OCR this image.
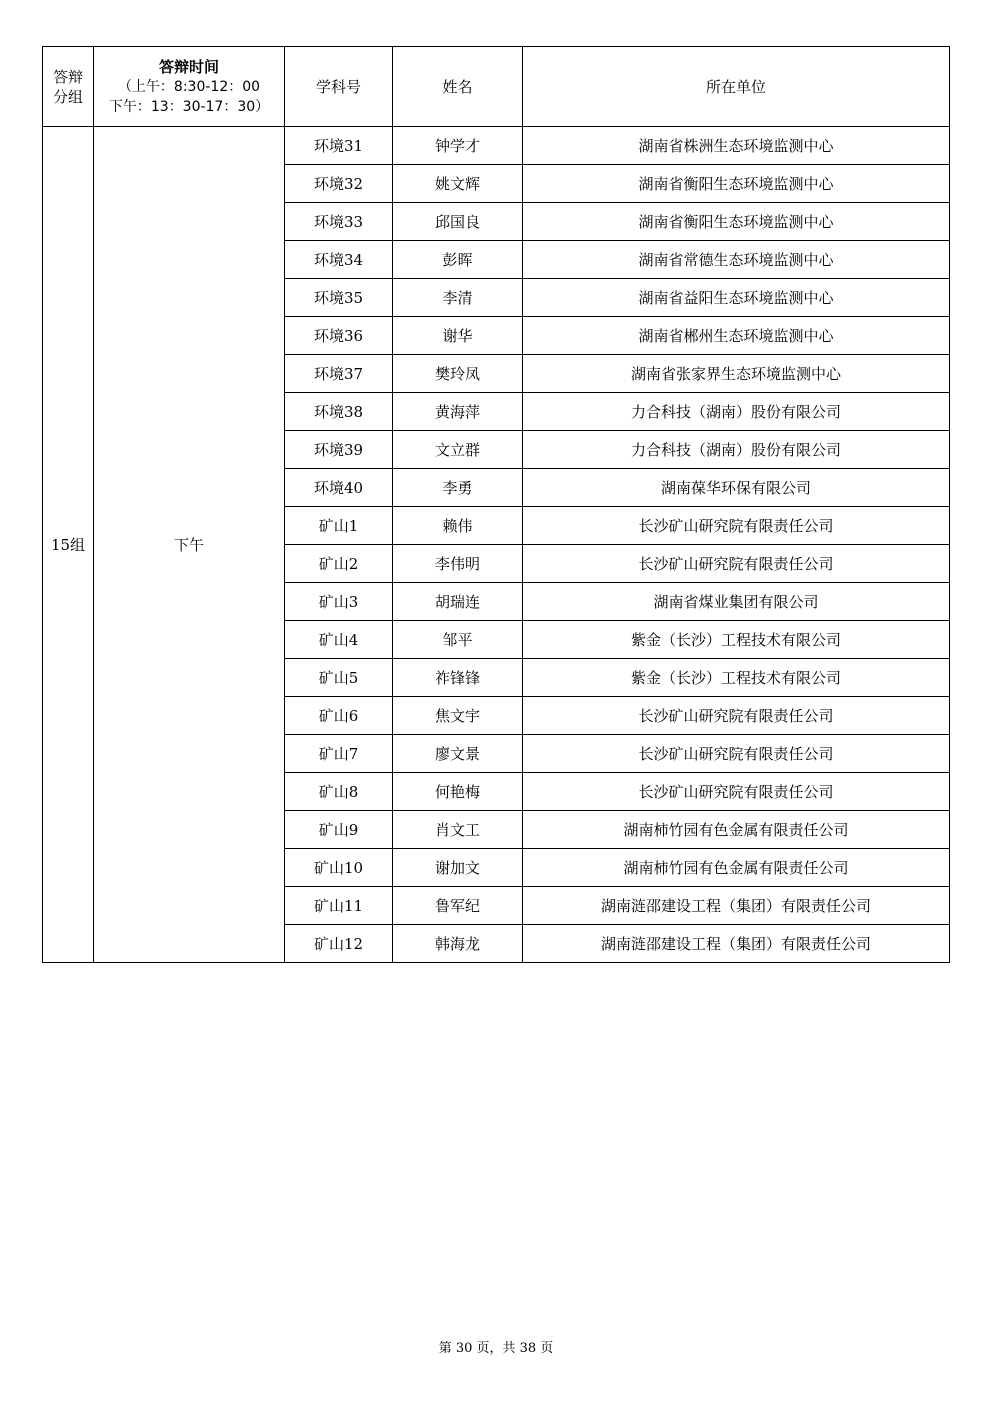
答辩
分组	答辩时间
（上午：8:30-12：00
下午：13：30-17：30）	学科号	姓名	所在单位
15组	下午	环境31	钟学才	湖南省株洲生态环境监测中心
		环境32	姚文辉	湖南省衡阳生态环境监测中心
		环境33	邱国良	湖南省衡阳生态环境监测中心
		环境34	彭晖	湖南省常德生态环境监测中心
		环境35	李清	湖南省益阳生态环境监测中心
		环境36	谢华	湖南省郴州生态环境监测中心
		环境37	樊玲凤	湖南省张家界生态环境监测中心
		环境38	黄海萍	力合科技（湖南）股份有限公司
		环境39	文立群	力合科技（湖南）股份有限公司
		环境40	李勇	湖南葆华环保有限公司
		矿山1	赖伟	长沙矿山研究院有限责任公司
		矿山2	李伟明	长沙矿山研究院有限责任公司
		矿山3	胡瑞连	湖南省煤业集团有限公司
		矿山4	邹平	紫金（长沙）工程技术有限公司
		矿山5	祚锋锋	紫金（长沙）工程技术有限公司
		矿山6	焦文宇	长沙矿山研究院有限责任公司
		矿山7	廖文景	长沙矿山研究院有限责任公司
		矿山8	何艳梅	长沙矿山研究院有限责任公司
		矿山9	肖文工	湖南柿竹园有色金属有限责任公司
		矿山10	谢加文	湖南柿竹园有色金属有限责任公司
		矿山11	鲁军纪	湖南涟邵建设工程（集团）有限责任公司
		矿山12	韩海龙	湖南涟邵建设工程（集团）有限责任公司
第 30 页，共 38 页
